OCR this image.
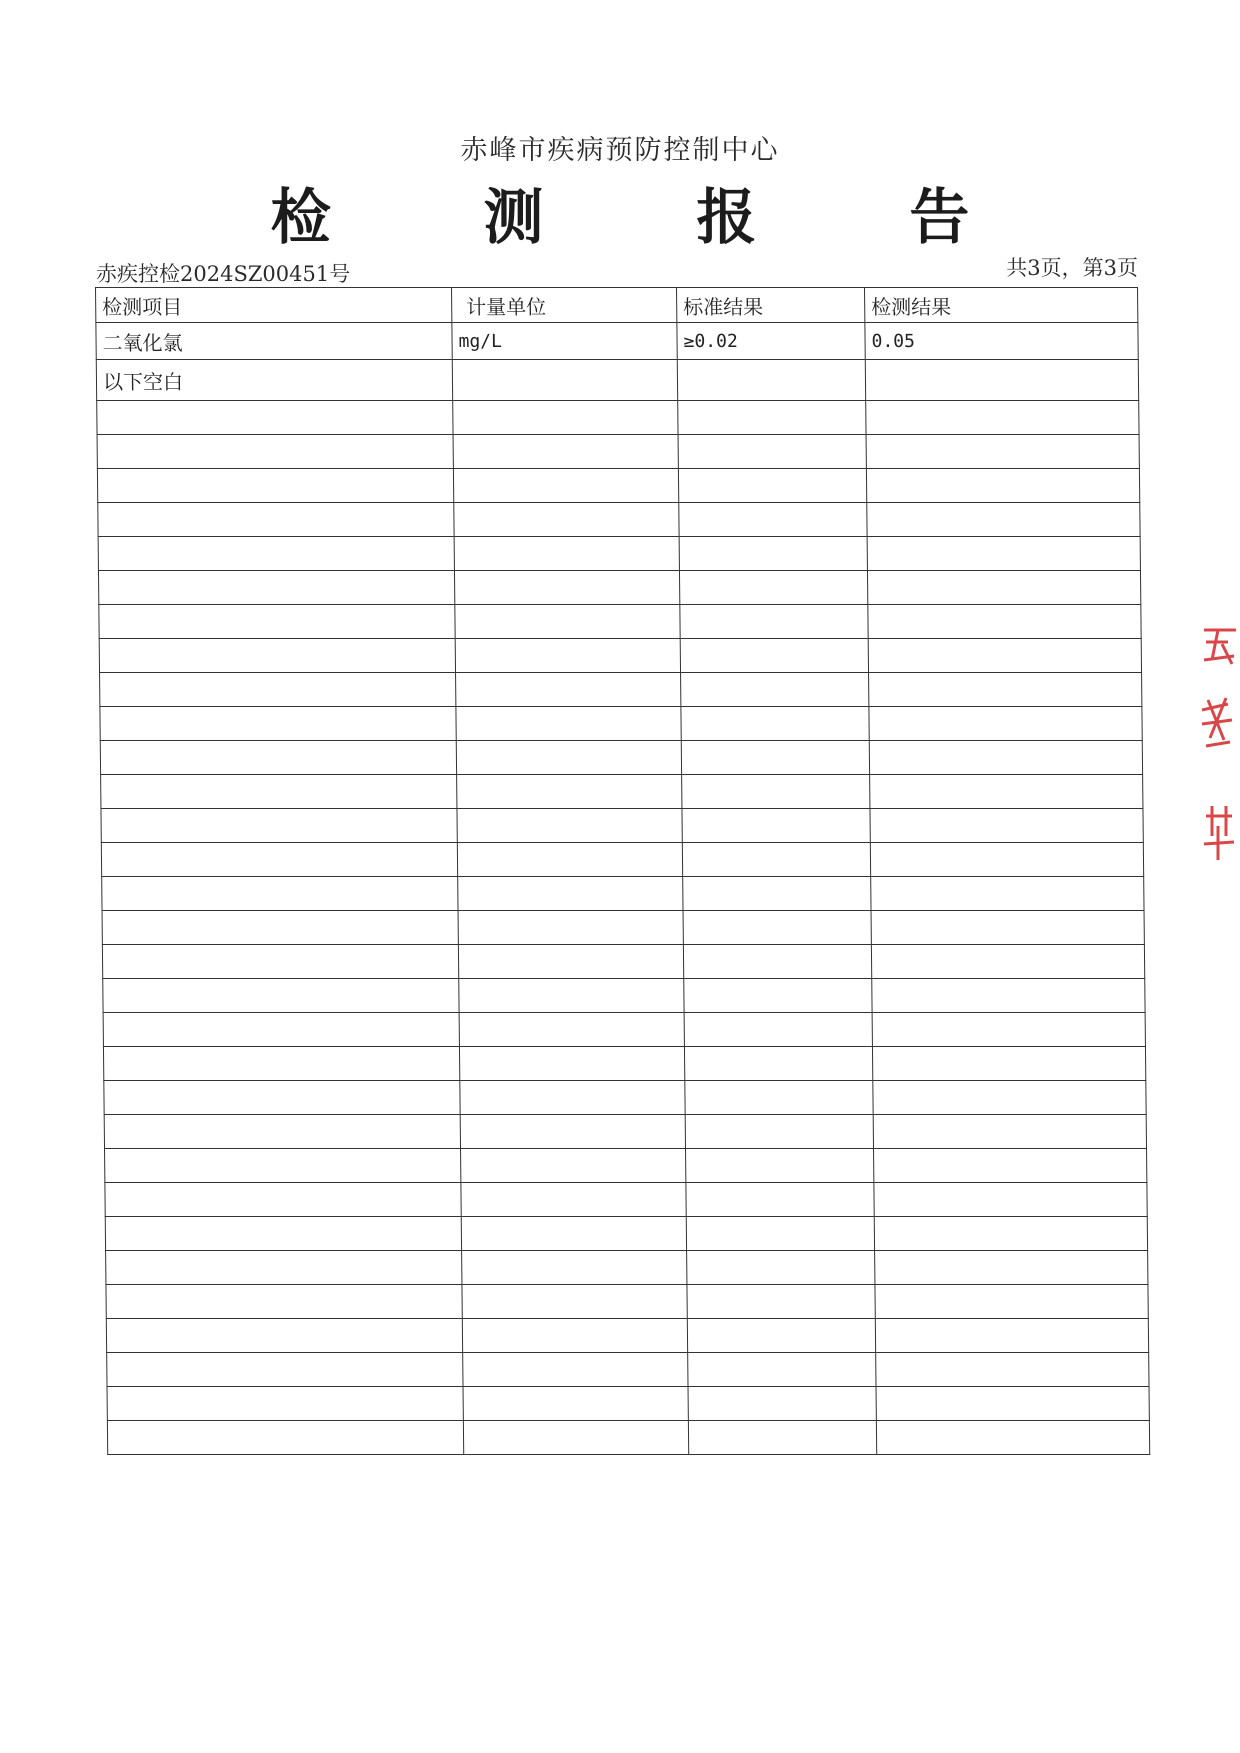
赤峰市疾病预防控制中心
检 测 报 告
赤疾控检2024SZ00451号	共3页，第3页
检测项目	计量单位	标准结果	检测结果
二氧化氯	mg/L	≥0.02	0.05
以下空白			
